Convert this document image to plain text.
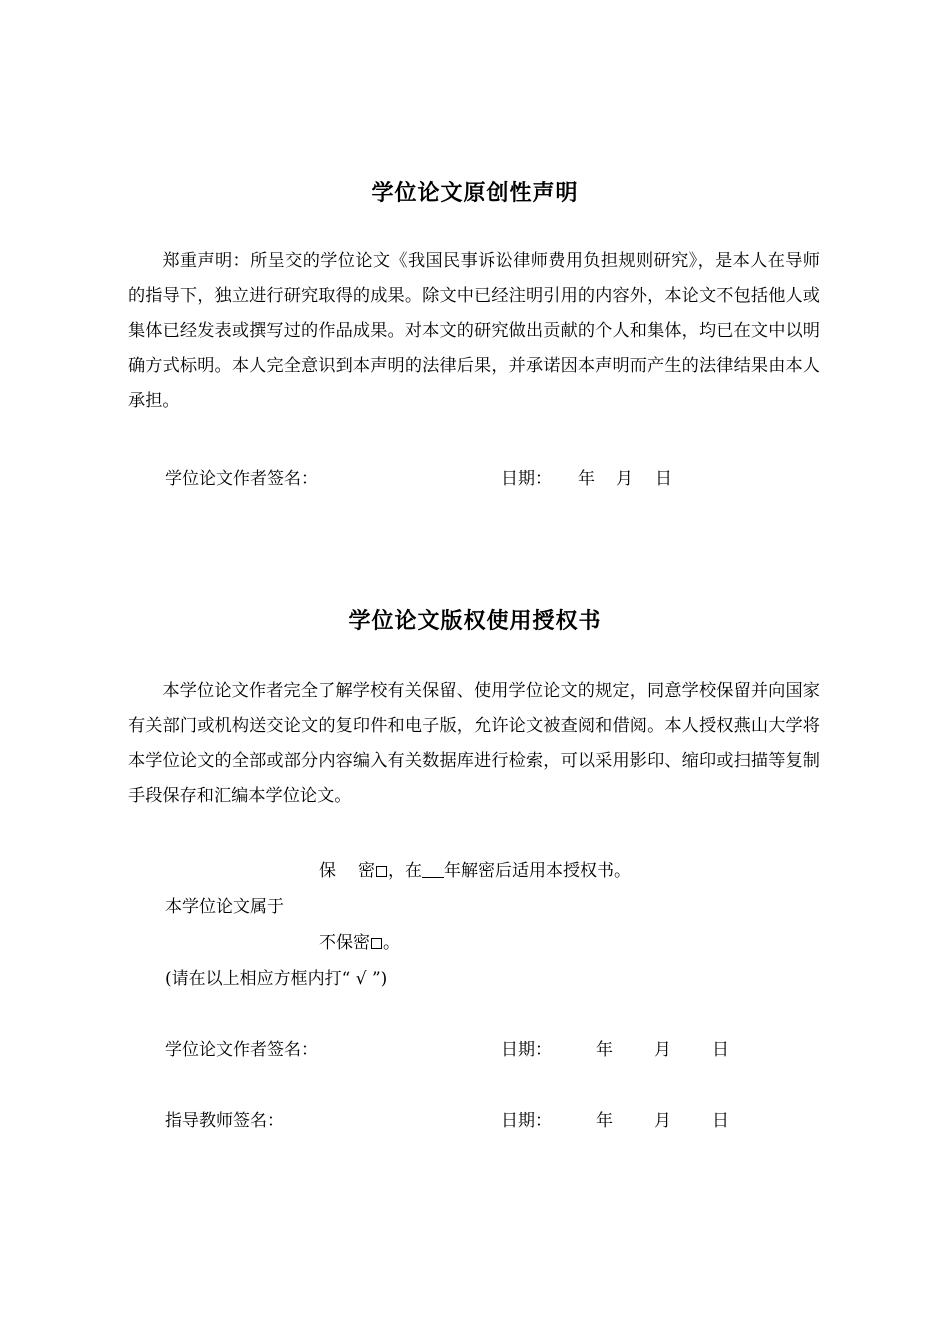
学位论文原创性声明

郑重声明：所呈交的学位论文《我国民事诉讼律师费用负担规则研究》，是本人在导师的指导下，独立进行研究取得的成果。除文中已经注明引用的内容外，本论文不包括他人或集体已经发表或撰写过的作品成果。对本文的研究做出贡献的个人和集体，均已在文中以明确方式标明。本人完全意识到本声明的法律后果，并承诺因本声明而产生的法律结果由本人承担。

学位论文作者签名：	日期： 年 月 日
学位论文版权使用授权书

本学位论文作者完全了解学校有关保留、使用学位论文的规定，同意学校保留并向国家有关部门或机构送交论文的复印件和电子版，允许论文被查阅和借阅。本人授权燕山大学将本学位论文的全部或部分内容编入有关数据库进行检索，可以采用影印、缩印或扫描等复制手段保存和汇编本学位论文。

保 密 ，在 年解密后适用本授权书。
本学位论文属于
不保密 。
(请在以上相应方框内打“ √ ”)
学位论文作者签名：	日期：	年 月 日
指导教师签名：	日期：	年 月 日
